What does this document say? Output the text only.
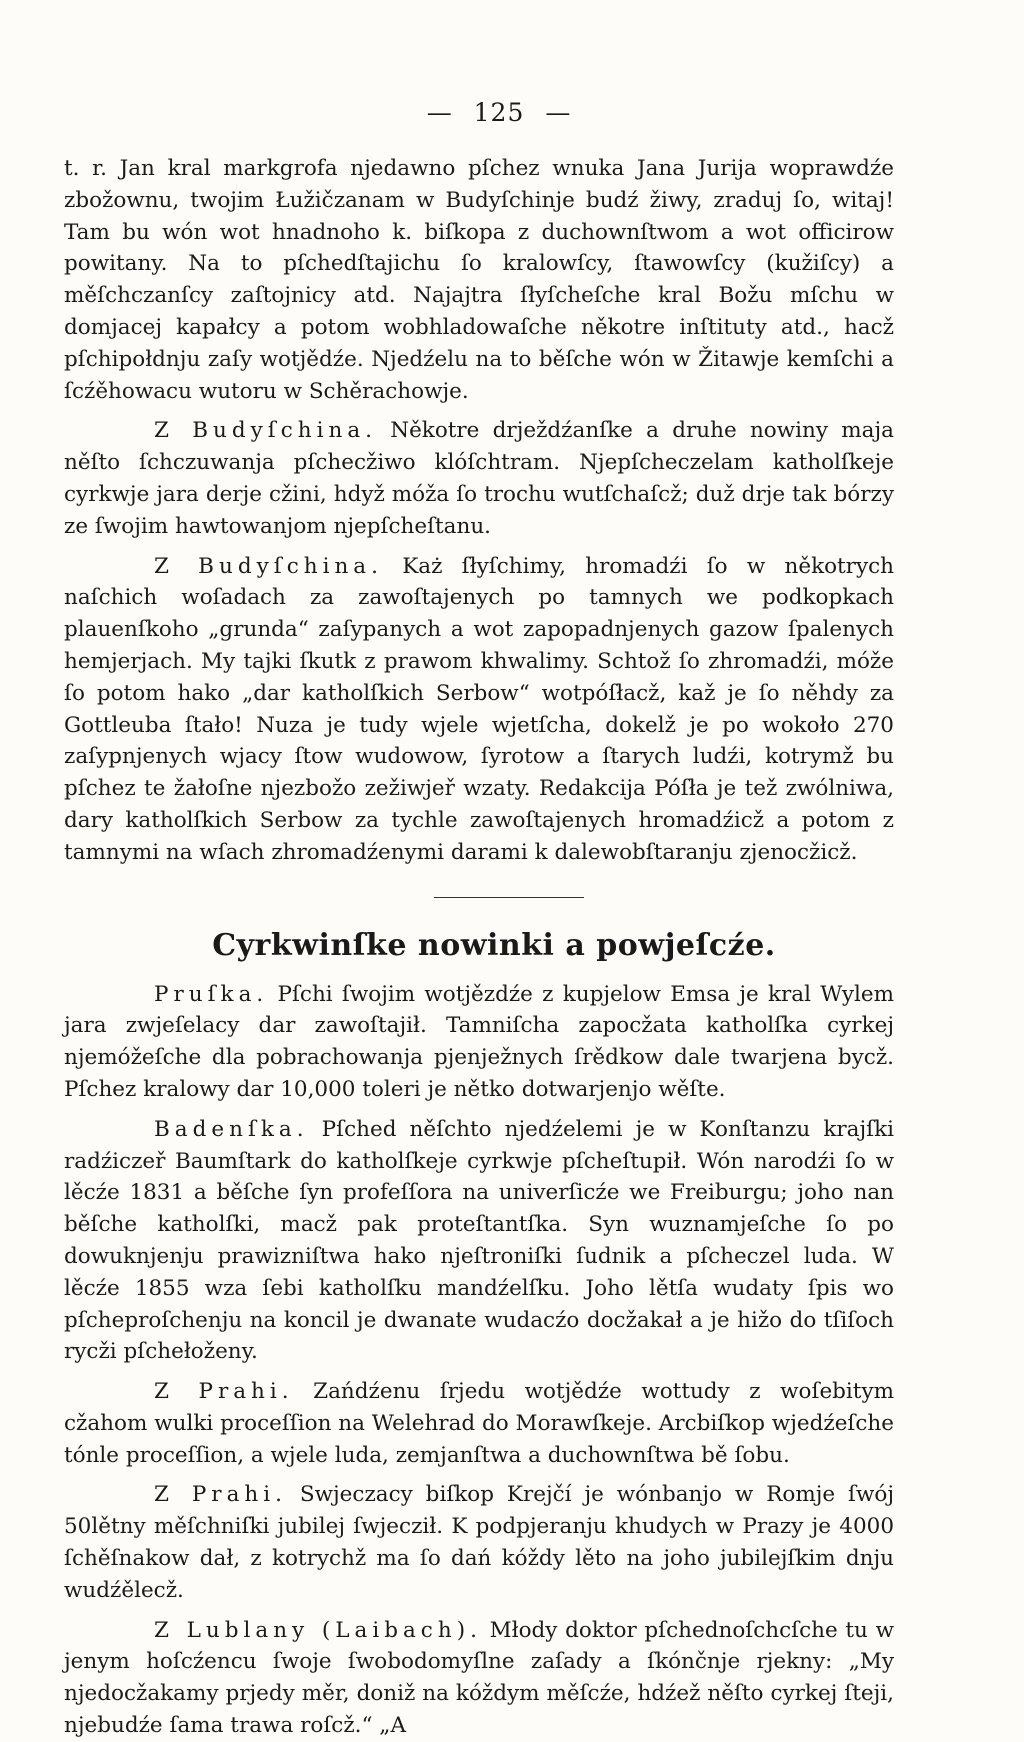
— 125 —

t. r. Jan kral markgrofa njedawno pſchez wnuka Jana Jurija woprawdźe zbožownu, twojim Łužičzanam w Budyſchinje budź žiwy, zraduj ſo, witaj! Tam bu wón wot hnadnoho k. biſkopa z duchownſtwom a wot officirow powitany. Na to pſchedſtajichu ſo kralowſcy, ſtawowſcy (kužiſcy) a měſchczanſcy zaſtojnicy atd. Najajtra ſłyſcheſche kral Božu mſchu w domjacej kapałcy a potom wobhladowaſche někotre inſtituty atd., hacž pſchipołdnju zaſy wotjědźe. Njedźelu na to běſche wón w Žitawje kemſchi a ſcźěhowacu wutoru w Schěrachowje.

Z Budyſchina. Někotre drježdźanſke a druhe nowiny maja něſto ſchczuwanja pſchecžiwo klóſchtram. Njepſcheczelam katholſkeje cyrkwje jara derje cžini, hdyž móža ſo trochu wutſchaſcž; duž drje tak bórzy ze ſwojim hawtowanjom njepſcheſtanu.

Z Budyſchina. Każ ſłyſchimy, hromadźi ſo w někotrych naſchich woſadach za zawoſtajenych po tamnych we podkopkach plauenſkoho „grunda“ zaſypanych a wot zapopadnjenych gazow ſpalenych hemjerjach. My tajki ſkutk z prawom khwalimy. Schtož ſo zhromadźi, móže ſo potom hako „dar katholſkich Serbow“ wotpóſłacž, kaž je ſo něhdy za Gottleuba ſtało! Nuza je tudy wjele wjetſcha, dokelž je po wokoło 270 zaſypnjenych wjacy ſtow wudowow, ſyrotow a ſtarych ludźi, kotrymž bu pſchez te žałoſne njezbožo zežiwjeř wzaty. Redakcija Póſła je tež zwólniwa, dary katholſkich Serbow za tychle zawoſtajenych hromadźicž a potom z tamnymi na wſach zhromadźenymi darami k dalewobſtaranju zjenocžicž.

Cyrkwinſke nowinki a powjeſcźe.

Pruſka. Pſchi ſwojim wotjězdźe z kupjelow Emsa je kral Wylem jara zwjeſelacy dar zawoſtajił. Tamniſcha zapocžata katholſka cyrkej njemóžeſche dla pobrachowanja pjenježnych ſrědkow dale twarjena bycž. Pſchez kralowy dar 10,000 toleri je nětko dotwarjenjo wěſte.

Badenſka. Pſched něſchto njedźelemi je w Konſtanzu krajſki radźiczeř Baumſtark do katholſkeje cyrkwje pſcheſtupił. Wón narodźi ſo w lěcźe 1831 a běſche ſyn profeſſora na univerſicźe we Freiburgu; joho nan běſche katholſki, macž pak proteſtantſka. Syn wuznamjeſche ſo po dowuknjenju prawizniſtwa hako njeſtroniſki ſudnik a pſcheczel luda. W lěcźe 1855 wza ſebi katholſku mandźelſku. Joho lětſa wudaty ſpis wo pſcheproſchenju na koncil je dwanate wudacźo docžakał a je hižo do tſiſoch rycži pſchełoženy.

Z Prahi. Zańdźenu ſrjedu wotjědźe wottudy z woſebitym cžahom wulki proceſſion na Welehrad do Morawſkeje. Arcbiſkop wjedźeſche tónle proceſſion, a wjele luda, zemjanſtwa a duchownſtwa bě ſobu.

Z Prahi. Swjeczacy biſkop Krejčí je wónbanjo w Romje ſwój 50lětny měſchniſki jubilej ſwjecził. K podpjeranju khudych w Prazy je 4000 ſchěſnakow dał, z kotrychž ma ſo dań kóždy lěto na joho jubilejſkim dnju wudźělecž.

Z Lublany (Laibach). Młody doktor pſchednoſchcſche tu w jenym hoſcźencu ſwoje ſwobodomyſlne zaſady a ſkónčnje rjekny: „My njedocžakamy prjedy měr, doniž na kóždym měſcźe, hdźež něſto cyrkej ſteji, njebudźe ſama trawa roſcž.“ „A
